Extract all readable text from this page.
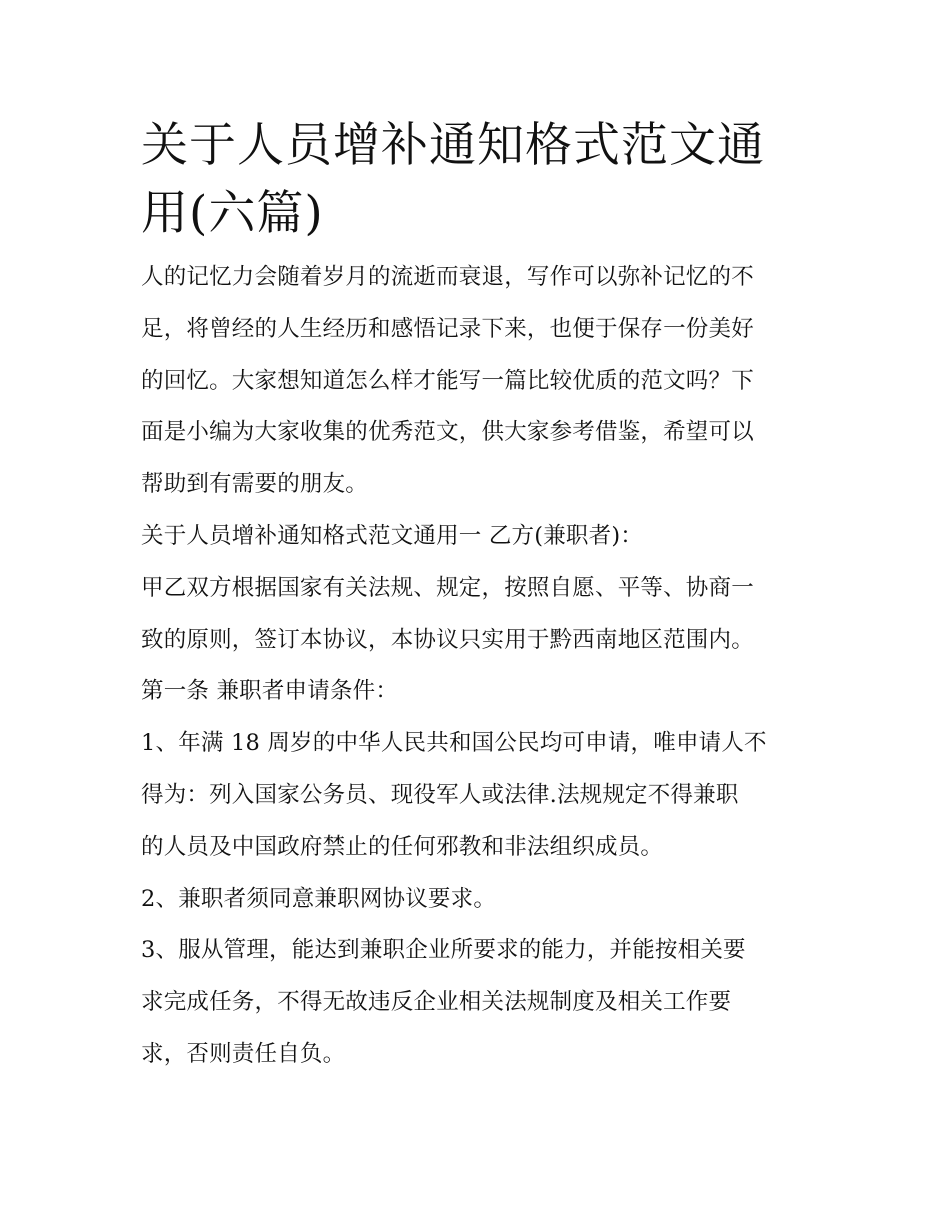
关于人员增补通知格式范文通
用(六篇)
人的记忆力会随着岁月的流逝而衰退，写作可以弥补记忆的不
足，将曾经的人生经历和感悟记录下来，也便于保存一份美好
的回忆。大家想知道怎么样才能写一篇比较优质的范文吗？下
面是小编为大家收集的优秀范文，供大家参考借鉴，希望可以
帮助到有需要的朋友。
关于人员增补通知格式范文通用一 乙方(兼职者)：
甲乙双方根据国家有关法规、规定，按照自愿、平等、协商一
致的原则，签订本协议，本协议只实用于黔西南地区范围内。
第一条 兼职者申请条件：
1、年满 18 周岁的中华人民共和国公民均可申请，唯申请人不
得为：列入国家公务员、现役军人或法律.法规规定不得兼职
的人员及中国政府禁止的任何邪教和非法组织成员。
2、兼职者须同意兼职网协议要求。
3、服从管理，能达到兼职企业所要求的能力，并能按相关要
求完成任务，不得无故违反企业相关法规制度及相关工作要
求，否则责任自负。
